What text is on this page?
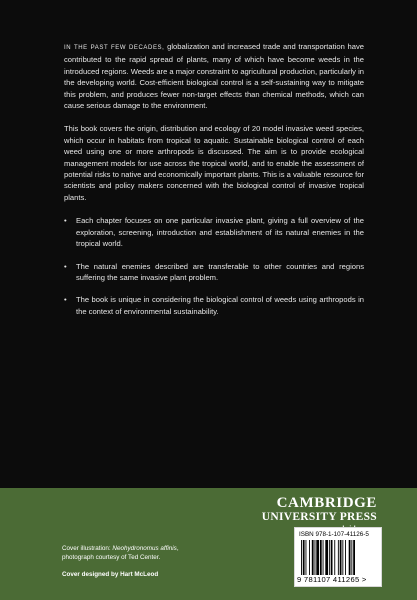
IN THE PAST FEW DECADES, globalization and increased trade and transportation have contributed to the rapid spread of plants, many of which have become weeds in the introduced regions. Weeds are a major constraint to agricultural production, particularly in the developing world. Cost-efficient biological control is a self-sustaining way to mitigate this problem, and produces fewer non-target effects than chemical methods, which can cause serious damage to the environment.

This book covers the origin, distribution and ecology of 20 model invasive weed species, which occur in habitats from tropical to aquatic. Sustainable biological control of each weed using one or more arthropods is discussed. The aim is to provide ecological management models for use across the tropical world, and to enable the assessment of potential risks to native and economically important plants. This is a valuable resource for scientists and policy makers concerned with the biological control of invasive tropical plants.

• Each chapter focuses on one particular invasive plant, giving a full overview of the exploration, screening, introduction and establishment of its natural enemies in the tropical world.
• The natural enemies described are transferable to other countries and regions suffering the same invasive plant problem.
• The book is unique in considering the biological control of weeds using arthropods in the context of environmental sustainability.
CAMBRIDGE
UNIVERSITY PRESS
ISBN 978-1-107-41126-5
9 781107 411265 >
Cover illustration: Neohydronomus affinis,
photograph courtesy of Ted Center.
Cover designed by Hart McLeod
